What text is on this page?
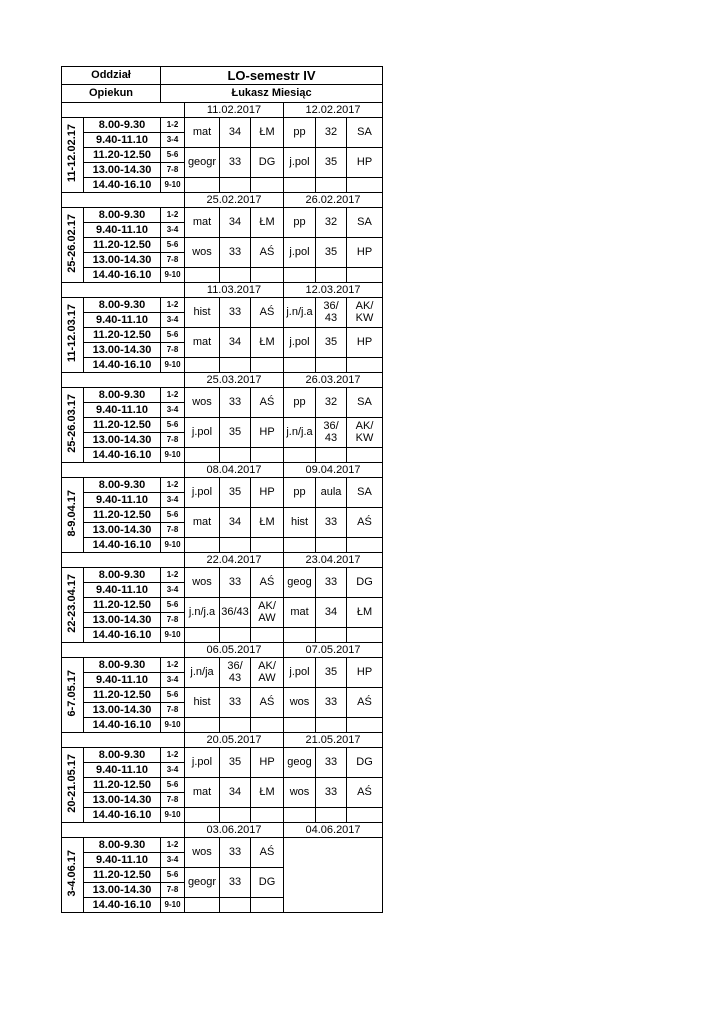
Oddział		LO-semestr IV						
Opiekun		Łukasz Miesiąc						
			11.02.2017			12.02.2017		
11-12.02.17	8.00-9.30	1-2	mat	34	ŁM	pp	32	SA
	9.40-11.10	3-4						
	11.20-12.50	5-6	geogr	33	DG	j.pol	35	HP
	13.00-14.30	7-8						
	14.40-16.10	9-10						
			25.02.2017			26.02.2017		
25-26.02.17	8.00-9.30	1-2	mat	34	ŁM	pp	32	SA
	9.40-11.10	3-4						
	11.20-12.50	5-6	wos	33	AŚ	j.pol	35	HP
	13.00-14.30	7-8						
	14.40-16.10	9-10						
			11.03.2017			12.03.2017		
11-12.03.17	8.00-9.30	1-2	hist	33	AŚ	j.n/j.a	36/ 43	AK/ KW
	9.40-11.10	3-4						
	11.20-12.50	5-6	mat	34	ŁM	j.pol	35	HP
	13.00-14.30	7-8						
	14.40-16.10	9-10						
			25.03.2017			26.03.2017		
25-26.03.17	8.00-9.30	1-2	wos	33	AŚ	pp	32	SA
	9.40-11.10	3-4						
	11.20-12.50	5-6	j.pol	35	HP	j.n/j.a	36/ 43	AK/ KW
	13.00-14.30	7-8						
	14.40-16.10	9-10						
			08.04.2017			09.04.2017		
8-9.04.17	8.00-9.30	1-2	j.pol	35	HP	pp	aula	SA
	9.40-11.10	3-4						
	11.20-12.50	5-6	mat	34	ŁM	hist	33	AŚ
	13.00-14.30	7-8						
	14.40-16.10	9-10						
			22.04.2017			23.04.2017		
22-23.04.17	8.00-9.30	1-2	wos	33	AŚ	geog	33	DG
	9.40-11.10	3-4						
	11.20-12.50	5-6	j.n/j.a	36/43	AK/ AW	mat	34	ŁM
	13.00-14.30	7-8						
	14.40-16.10	9-10						
			06.05.2017			07.05.2017		
6-7.05.17	8.00-9.30	1-2	j.n/ja	36/ 43	AK/ AW	j.pol	35	HP
	9.40-11.10	3-4						
	11.20-12.50	5-6	hist	33	AŚ	wos	33	AŚ
	13.00-14.30	7-8						
	14.40-16.10	9-10						
			20.05.2017			21.05.2017		
20-21.05.17	8.00-9.30	1-2	j.pol	35	HP	geog	33	DG
	9.40-11.10	3-4						
	11.20-12.50	5-6	mat	34	ŁM	wos	33	AŚ
	13.00-14.30	7-8						
	14.40-16.10	9-10						
			03.06.2017			04.06.2017		
3-4.06.17	8.00-9.30	1-2	wos	33	AŚ			
	9.40-11.10	3-4						
	11.20-12.50	5-6	geogr	33	DG			
	13.00-14.30	7-8						
	14.40-16.10	9-10						
